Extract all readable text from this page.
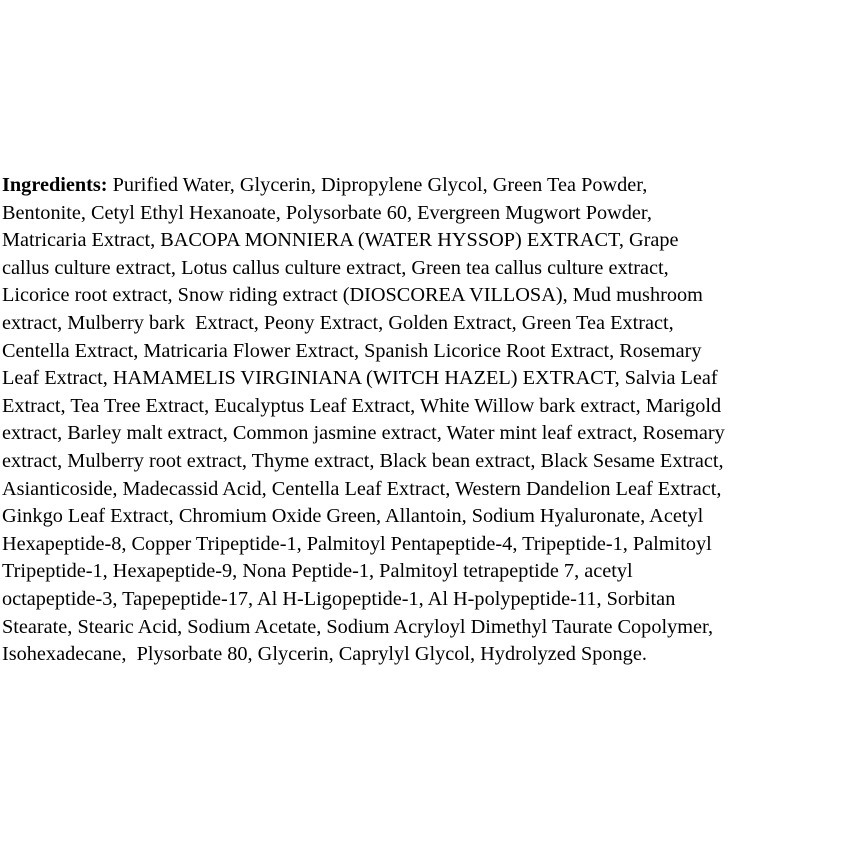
Ingredients: Purified Water, Glycerin, Dipropylene Glycol, Green Tea Powder,
Bentonite, Cetyl Ethyl Hexanoate, Polysorbate 60, Evergreen Mugwort Powder,
Matricaria Extract, BACOPA MONNIERA (WATER HYSSOP) EXTRACT, Grape
callus culture extract, Lotus callus culture extract, Green tea callus culture extract,
Licorice root extract, Snow riding extract (DIOSCOREA VILLOSA), Mud mushroom
extract, Mulberry bark  Extract, Peony Extract, Golden Extract, Green Tea Extract,
Centella Extract, Matricaria Flower Extract, Spanish Licorice Root Extract, Rosemary
Leaf Extract, HAMAMELIS VIRGINIANA (WITCH HAZEL) EXTRACT, Salvia Leaf
Extract, Tea Tree Extract, Eucalyptus Leaf Extract, White Willow bark extract, Marigold
extract, Barley malt extract, Common jasmine extract, Water mint leaf extract, Rosemary
extract, Mulberry root extract, Thyme extract, Black bean extract, Black Sesame Extract,
Asianticoside, Madecassid Acid, Centella Leaf Extract, Western Dandelion Leaf Extract,
Ginkgo Leaf Extract, Chromium Oxide Green, Allantoin, Sodium Hyaluronate, Acetyl
Hexapeptide-8, Copper Tripeptide-1, Palmitoyl Pentapeptide-4, Tripeptide-1, Palmitoyl
Tripeptide-1, Hexapeptide-9, Nona Peptide-1, Palmitoyl tetrapeptide 7, acetyl
octapeptide-3, Tapepeptide-17, Al H-Ligopeptide-1, Al H-polypeptide-11, Sorbitan
Stearate, Stearic Acid, Sodium Acetate, Sodium Acryloyl Dimethyl Taurate Copolymer,
Isohexadecane,  Plysorbate 80, Glycerin, Caprylyl Glycol, Hydrolyzed Sponge.
